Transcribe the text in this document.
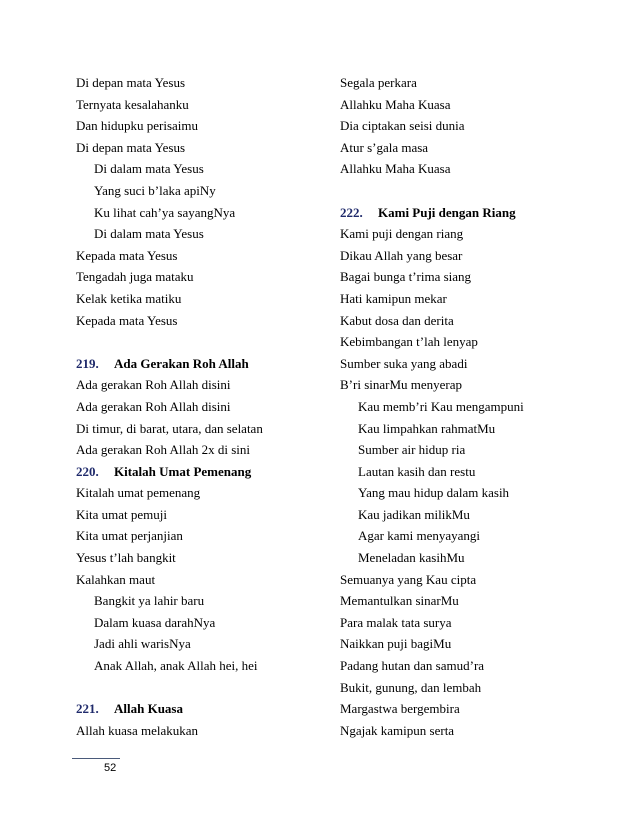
Di depan mata Yesus
Ternyata kesalahanku
Dan hidupku perisaimu
Di depan mata Yesus
Di dalam mata Yesus
Yang suci b’laka apiNy
Ku lihat cah’ya sayangNya
Di dalam mata Yesus
Kepada mata Yesus
Tengadah juga mataku
Kelak ketika matiku
Kepada mata Yesus
219. Ada Gerakan Roh Allah
Ada gerakan Roh Allah disini
Ada gerakan Roh Allah disini
Di timur, di barat, utara, dan selatan
Ada gerakan Roh Allah 2x di sini
220. Kitalah Umat Pemenang
Kitalah umat pemenang
Kita umat pemuji
Kita umat perjanjian
Yesus t’lah bangkit
Kalahkan maut
Bangkit ya lahir baru
Dalam kuasa darahNya
Jadi ahli warisNya
Anak Allah, anak Allah hei, hei
221. Allah Kuasa
Allah kuasa melakukan
Segala perkara
Allahku Maha Kuasa
Dia ciptakan seisi dunia
Atur s’gala masa
Allahku Maha Kuasa
222. Kami Puji dengan Riang
Kami puji dengan riang
Dikau Allah yang besar
Bagai bunga t’rima siang
Hati kamipun mekar
Kabut dosa dan derita
Kebimbangan t’lah lenyap
Sumber suka yang abadi
B’ri sinarMu menyerap
Kau memb’ri Kau mengampuni
Kau limpahkan rahmatMu
Sumber air hidup ria
Lautan kasih dan restu
Yang mau hidup dalam kasih
Kau jadikan milikMu
Agar kami menyayangi
Meneladan kasihMu
Semuanya yang Kau cipta
Memantulkan sinarMu
Para malak tata surya
Naikkan puji bagiMu
Padang hutan dan samud’ra
Bukit, gunung, dan lembah
Margastwa bergembira
Ngajak kamipun serta
52
